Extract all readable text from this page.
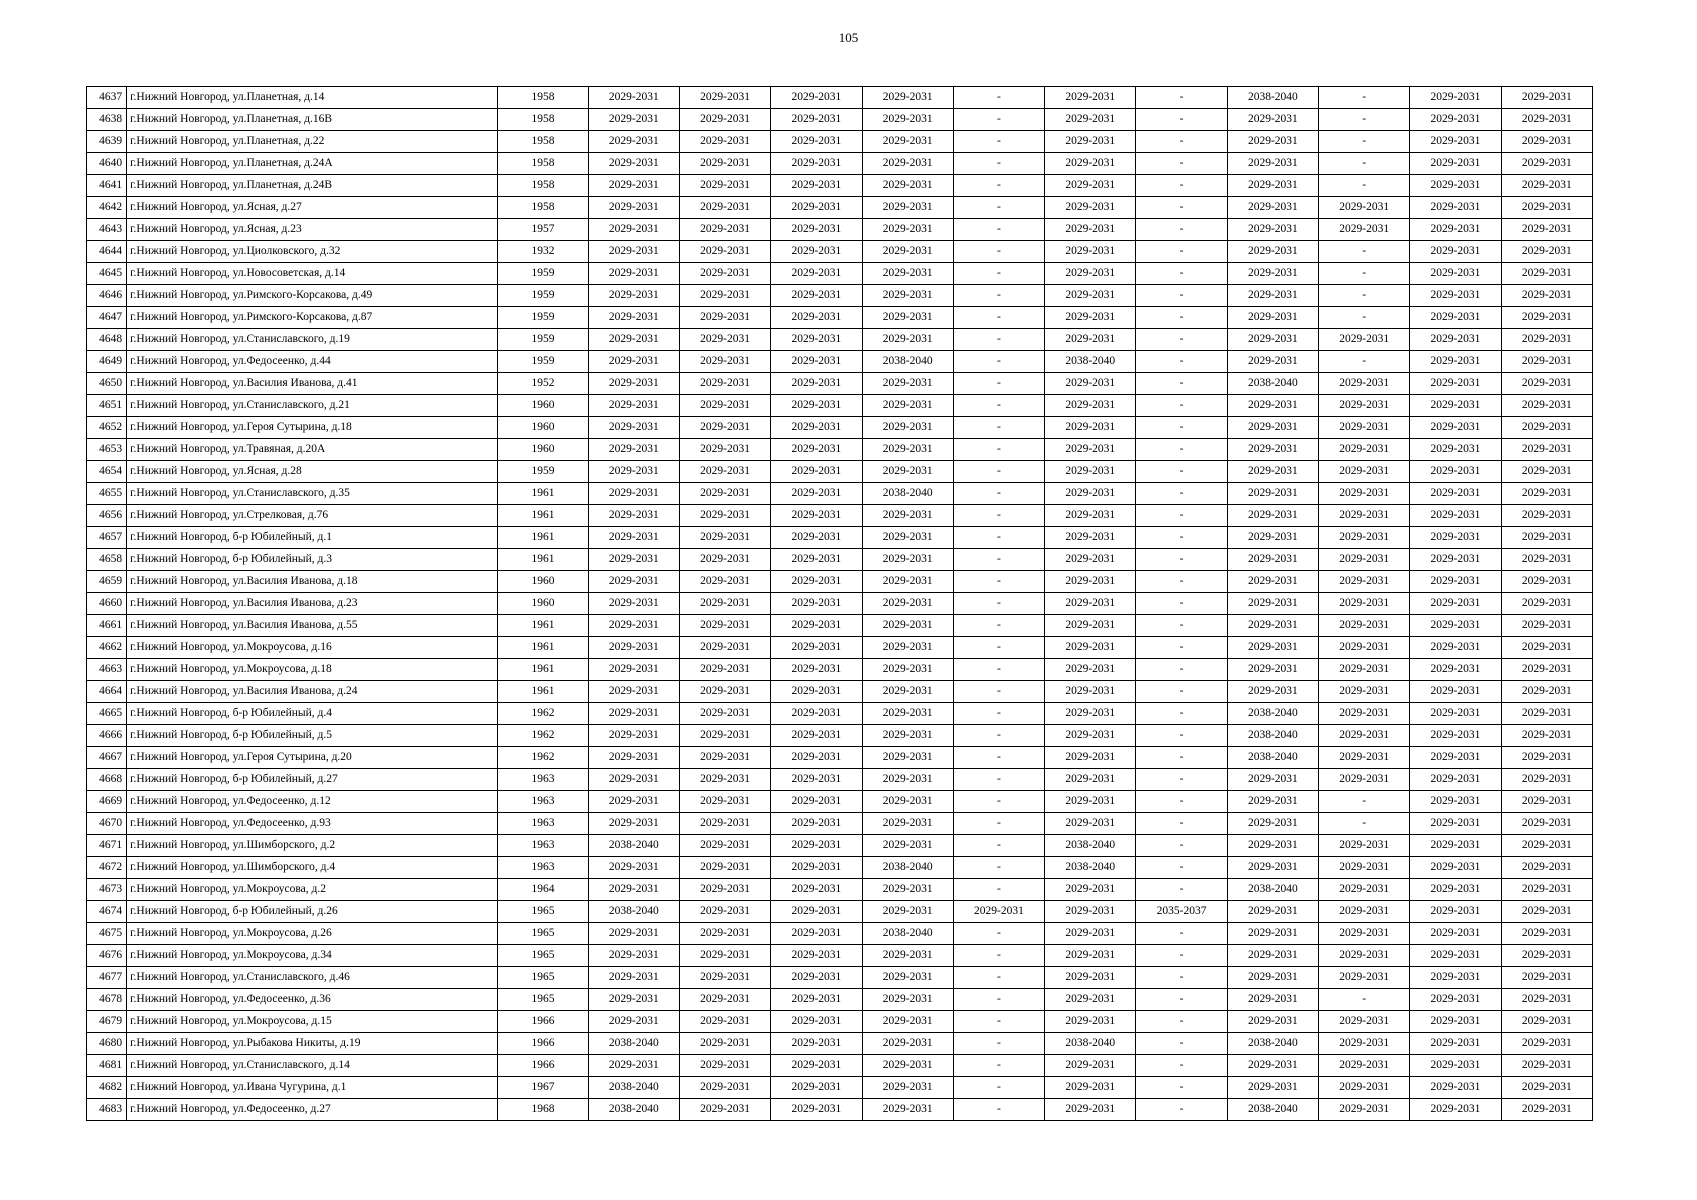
105
4637	г.Нижний Новгород, ул.Планетная, д.14	1958	2029-2031	2029-2031	2029-2031	2029-2031	-	2029-2031	-	2038-2040	-	2029-2031	2029-2031
4638	г.Нижний Новгород, ул.Планетная, д.16В	1958	2029-2031	2029-2031	2029-2031	2029-2031	-	2029-2031	-	2029-2031	-	2029-2031	2029-2031
4639	г.Нижний Новгород, ул.Планетная, д.22	1958	2029-2031	2029-2031	2029-2031	2029-2031	-	2029-2031	-	2029-2031	-	2029-2031	2029-2031
4640	г.Нижний Новгород, ул.Планетная, д.24А	1958	2029-2031	2029-2031	2029-2031	2029-2031	-	2029-2031	-	2029-2031	-	2029-2031	2029-2031
4641	г.Нижний Новгород, ул.Планетная, д.24В	1958	2029-2031	2029-2031	2029-2031	2029-2031	-	2029-2031	-	2029-2031	-	2029-2031	2029-2031
4642	г.Нижний Новгород, ул.Ясная, д.27	1958	2029-2031	2029-2031	2029-2031	2029-2031	-	2029-2031	-	2029-2031	2029-2031	2029-2031	2029-2031
4643	г.Нижний Новгород, ул.Ясная, д.23	1957	2029-2031	2029-2031	2029-2031	2029-2031	-	2029-2031	-	2029-2031	2029-2031	2029-2031	2029-2031
4644	г.Нижний Новгород, ул.Циолковского, д.32	1932	2029-2031	2029-2031	2029-2031	2029-2031	-	2029-2031	-	2029-2031	-	2029-2031	2029-2031
4645	г.Нижний Новгород, ул.Новосоветская, д.14	1959	2029-2031	2029-2031	2029-2031	2029-2031	-	2029-2031	-	2029-2031	-	2029-2031	2029-2031
4646	г.Нижний Новгород, ул.Римского-Корсакова, д.49	1959	2029-2031	2029-2031	2029-2031	2029-2031	-	2029-2031	-	2029-2031	-	2029-2031	2029-2031
4647	г.Нижний Новгород, ул.Римского-Корсакова, д.87	1959	2029-2031	2029-2031	2029-2031	2029-2031	-	2029-2031	-	2029-2031	-	2029-2031	2029-2031
4648	г.Нижний Новгород, ул.Станиславского, д.19	1959	2029-2031	2029-2031	2029-2031	2029-2031	-	2029-2031	-	2029-2031	2029-2031	2029-2031	2029-2031
4649	г.Нижний Новгород, ул.Федосеенко, д.44	1959	2029-2031	2029-2031	2029-2031	2038-2040	-	2038-2040	-	2029-2031	-	2029-2031	2029-2031
4650	г.Нижний Новгород, ул.Василия Иванова, д.41	1952	2029-2031	2029-2031	2029-2031	2029-2031	-	2029-2031	-	2038-2040	2029-2031	2029-2031	2029-2031
4651	г.Нижний Новгород, ул.Станиславского, д.21	1960	2029-2031	2029-2031	2029-2031	2029-2031	-	2029-2031	-	2029-2031	2029-2031	2029-2031	2029-2031
4652	г.Нижний Новгород, ул.Героя Сутырина, д.18	1960	2029-2031	2029-2031	2029-2031	2029-2031	-	2029-2031	-	2029-2031	2029-2031	2029-2031	2029-2031
4653	г.Нижний Новгород, ул.Травяная, д.20А	1960	2029-2031	2029-2031	2029-2031	2029-2031	-	2029-2031	-	2029-2031	2029-2031	2029-2031	2029-2031
4654	г.Нижний Новгород, ул.Ясная, д.28	1959	2029-2031	2029-2031	2029-2031	2029-2031	-	2029-2031	-	2029-2031	2029-2031	2029-2031	2029-2031
4655	г.Нижний Новгород, ул.Станиславского, д.35	1961	2029-2031	2029-2031	2029-2031	2038-2040	-	2029-2031	-	2029-2031	2029-2031	2029-2031	2029-2031
4656	г.Нижний Новгород, ул.Стрелковая, д.76	1961	2029-2031	2029-2031	2029-2031	2029-2031	-	2029-2031	-	2029-2031	2029-2031	2029-2031	2029-2031
4657	г.Нижний Новгород, б-р Юбилейный, д.1	1961	2029-2031	2029-2031	2029-2031	2029-2031	-	2029-2031	-	2029-2031	2029-2031	2029-2031	2029-2031
4658	г.Нижний Новгород, б-р Юбилейный, д.3	1961	2029-2031	2029-2031	2029-2031	2029-2031	-	2029-2031	-	2029-2031	2029-2031	2029-2031	2029-2031
4659	г.Нижний Новгород, ул.Василия Иванова, д.18	1960	2029-2031	2029-2031	2029-2031	2029-2031	-	2029-2031	-	2029-2031	2029-2031	2029-2031	2029-2031
4660	г.Нижний Новгород, ул.Василия Иванова, д.23	1960	2029-2031	2029-2031	2029-2031	2029-2031	-	2029-2031	-	2029-2031	2029-2031	2029-2031	2029-2031
4661	г.Нижний Новгород, ул.Василия Иванова, д.55	1961	2029-2031	2029-2031	2029-2031	2029-2031	-	2029-2031	-	2029-2031	2029-2031	2029-2031	2029-2031
4662	г.Нижний Новгород, ул.Мокроусова, д.16	1961	2029-2031	2029-2031	2029-2031	2029-2031	-	2029-2031	-	2029-2031	2029-2031	2029-2031	2029-2031
4663	г.Нижний Новгород, ул.Мокроусова, д.18	1961	2029-2031	2029-2031	2029-2031	2029-2031	-	2029-2031	-	2029-2031	2029-2031	2029-2031	2029-2031
4664	г.Нижний Новгород, ул.Василия Иванова, д.24	1961	2029-2031	2029-2031	2029-2031	2029-2031	-	2029-2031	-	2029-2031	2029-2031	2029-2031	2029-2031
4665	г.Нижний Новгород, б-р Юбилейный, д.4	1962	2029-2031	2029-2031	2029-2031	2029-2031	-	2029-2031	-	2038-2040	2029-2031	2029-2031	2029-2031
4666	г.Нижний Новгород, б-р Юбилейный, д.5	1962	2029-2031	2029-2031	2029-2031	2029-2031	-	2029-2031	-	2038-2040	2029-2031	2029-2031	2029-2031
4667	г.Нижний Новгород, ул.Героя Сутырина, д.20	1962	2029-2031	2029-2031	2029-2031	2029-2031	-	2029-2031	-	2038-2040	2029-2031	2029-2031	2029-2031
4668	г.Нижний Новгород, б-р Юбилейный, д.27	1963	2029-2031	2029-2031	2029-2031	2029-2031	-	2029-2031	-	2029-2031	2029-2031	2029-2031	2029-2031
4669	г.Нижний Новгород, ул.Федосеенко, д.12	1963	2029-2031	2029-2031	2029-2031	2029-2031	-	2029-2031	-	2029-2031	-	2029-2031	2029-2031
4670	г.Нижний Новгород, ул.Федосеенко, д.93	1963	2029-2031	2029-2031	2029-2031	2029-2031	-	2029-2031	-	2029-2031	-	2029-2031	2029-2031
4671	г.Нижний Новгород, ул.Шимборского, д.2	1963	2038-2040	2029-2031	2029-2031	2029-2031	-	2038-2040	-	2029-2031	2029-2031	2029-2031	2029-2031
4672	г.Нижний Новгород, ул.Шимборского, д.4	1963	2029-2031	2029-2031	2029-2031	2038-2040	-	2038-2040	-	2029-2031	2029-2031	2029-2031	2029-2031
4673	г.Нижний Новгород, ул.Мокроусова, д.2	1964	2029-2031	2029-2031	2029-2031	2029-2031	-	2029-2031	-	2038-2040	2029-2031	2029-2031	2029-2031
4674	г.Нижний Новгород, б-р Юбилейный, д.26	1965	2038-2040	2029-2031	2029-2031	2029-2031	2029-2031	2029-2031	2035-2037	2029-2031	2029-2031	2029-2031	2029-2031
4675	г.Нижний Новгород, ул.Мокроусова, д.26	1965	2029-2031	2029-2031	2029-2031	2038-2040	-	2029-2031	-	2029-2031	2029-2031	2029-2031	2029-2031
4676	г.Нижний Новгород, ул.Мокроусова, д.34	1965	2029-2031	2029-2031	2029-2031	2029-2031	-	2029-2031	-	2029-2031	2029-2031	2029-2031	2029-2031
4677	г.Нижний Новгород, ул.Станиславского, д.46	1965	2029-2031	2029-2031	2029-2031	2029-2031	-	2029-2031	-	2029-2031	2029-2031	2029-2031	2029-2031
4678	г.Нижний Новгород, ул.Федосеенко, д.36	1965	2029-2031	2029-2031	2029-2031	2029-2031	-	2029-2031	-	2029-2031	-	2029-2031	2029-2031
4679	г.Нижний Новгород, ул.Мокроусова, д.15	1966	2029-2031	2029-2031	2029-2031	2029-2031	-	2029-2031	-	2029-2031	2029-2031	2029-2031	2029-2031
4680	г.Нижний Новгород, ул.Рыбакова Никиты, д.19	1966	2038-2040	2029-2031	2029-2031	2029-2031	-	2038-2040	-	2038-2040	2029-2031	2029-2031	2029-2031
4681	г.Нижний Новгород, ул.Станиславского, д.14	1966	2029-2031	2029-2031	2029-2031	2029-2031	-	2029-2031	-	2029-2031	2029-2031	2029-2031	2029-2031
4682	г.Нижний Новгород, ул.Ивана Чугурина, д.1	1967	2038-2040	2029-2031	2029-2031	2029-2031	-	2029-2031	-	2029-2031	2029-2031	2029-2031	2029-2031
4683	г.Нижний Новгород, ул.Федосеенко, д.27	1968	2038-2040	2029-2031	2029-2031	2029-2031	-	2029-2031	-	2038-2040	2029-2031	2029-2031	2029-2031
